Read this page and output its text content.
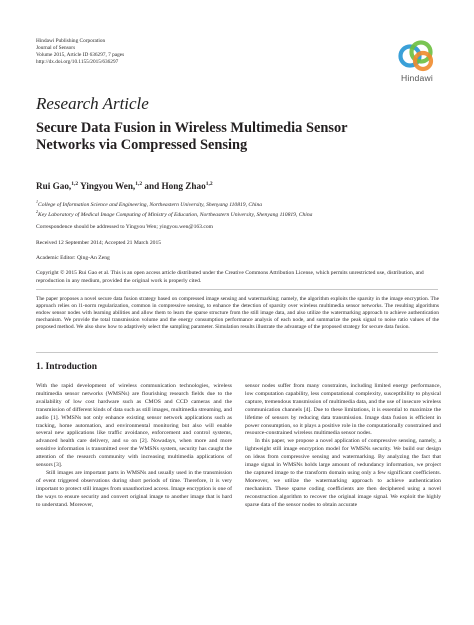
Hindawi Publishing Corporation
Journal of Sensors
Volume 2015, Article ID 636297, 7 pages
http://dx.doi.org/10.1155/2015/636297
Hindawi
Research Article
Secure Data Fusion in Wireless Multimedia Sensor Networks via Compressed Sensing
Rui Gao,$^{1,2}$ Yingyou Wen,$^{1,2}$ and Hong Zhao$^{1,2}$
$^1$College of Information Science and Engineering, Northeastern University, Shenyang 110819, China
$^2$Key Laboratory of Medical Image Computing of Ministry of Education, Northeastern University, Shenyang 110819, China
Correspondence should be addressed to Yingyou Wen; yingyou.wen@163.com
Received 12 September 2014; Accepted 21 March 2015
Academic Editor: Qing-An Zeng
Copyright © 2015 Rui Gao et al. This is an open access article distributed under the Creative Commons Attribution License, which permits unrestricted use, distribution, and reproduction in any medium, provided the original work is properly cited.
The paper proposes a novel secure data fusion strategy based on compressed image sensing and watermarking; namely, the algorithm exploits the sparsity in the image encryption. The approach relies on l1-norm regularization, common in compressive sensing, to enhance the detection of sparsity over wireless multimedia sensor networks. The resulting algorithms endow sensor nodes with learning abilities and allow them to learn the sparse structure from the still image data, and also utilize the watermarking approach to achieve authentication mechanism. We provide the total transmission volume and the energy consumption performance analysis of each node, and summarize the peak signal to noise ratio values of the proposed method. We also show how to adaptively select the sampling parameter. Simulation results illustrate the advantage of the proposed strategy for secure data fusion.
1. Introduction

With the rapid development of wireless communication technologies, wireless multimedia sensor networks (WMSNs) are flourishing research fields due to the availability of low cost hardware such as CMOS and CCD cameras and the transmission of different kinds of data such as still images, multimedia streaming, and audio [1]. WMSNs not only enhance existing sensor network applications such as tracking, home automation, and environmental monitoring but also will enable several new applications like traffic avoidance, enforcement and control systems, advanced health care delivery, and so on [2]. Nowadays, when more and more sensitive information is transmitted over the WMSNs system, security has caught the attention of the research community with increasing multimedia applications of sensors [3].

Still images are important parts in WMSNs and usually used in the transmission of event triggered observations during short periods of time. Therefore, it is very important to protect still images from unauthorized access. Image encryption is one of the ways to ensure security and convert original image to another image that is hard to understand. Moreover,

sensor nodes suffer from many constraints, including limited energy performance, low computation capability, less computational complexity, susceptibility to physical capture, tremendous transmission of multimedia data, and the use of insecure wireless communication channels [4]. Due to these limitations, it is essential to maximize the lifetime of sensors by reducing data transmission. Image data fusion is efficient in power consumption, so it plays a positive role in the computationally constrained and resource-constrained wireless multimedia sensor nodes.

In this paper, we propose a novel application of compressive sensing, namely, a lightweight still image encryption model for WMSNs security. We build our design on ideas from compressive sensing and watermarking. By analyzing the fact that image signal in WMSNs holds large amount of redundancy information, we project the captured image to the transform domain using only a few significant coefficients. Moreover, we utilize the watermarking approach to achieve authentication mechanism. These sparse coding coefficients are then deciphered using a novel reconstruction algorithm to recover the original image signal. We exploit the highly sparse data of the sensor nodes to obtain accurate
